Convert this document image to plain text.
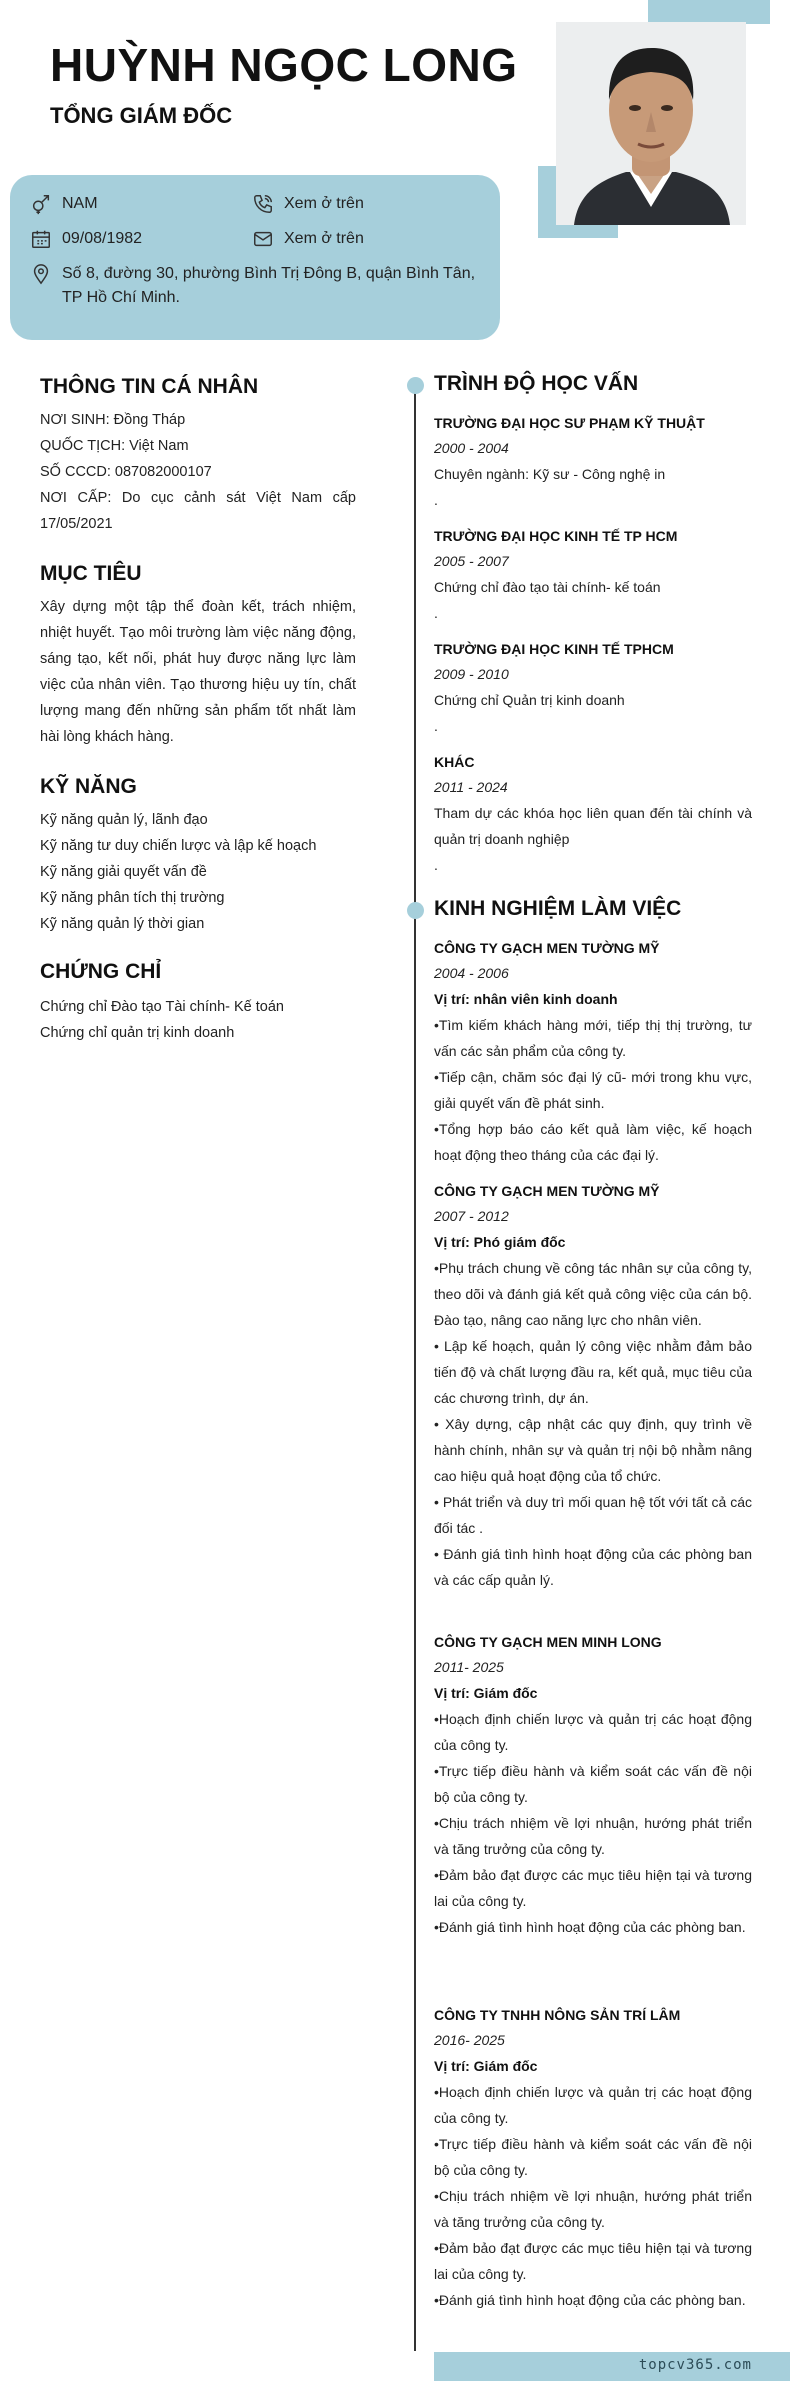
HUỲNH NGỌC LONG
TỔNG GIÁM ĐỐC
NAM
09/08/1982
Số 8, đường 30, phường Bình Trị Đông B, quận Bình Tân, TP Hồ Chí Minh.
Xem ở trên
Xem ở trên
THÔNG TIN CÁ NHÂN
NƠI SINH: Đồng Tháp
QUỐC TỊCH: Việt Nam
SỐ CCCD: 087082000107
NƠI CẤP: Do cục cảnh sát Việt Nam cấp 17/05/2021
MỤC TIÊU
Xây dựng một tập thể đoàn kết, trách nhiệm, nhiệt huyết. Tạo môi trường làm việc năng động, sáng tạo, kết nối, phát huy được năng lực làm việc của nhân viên. Tạo thương hiệu uy tín, chất lượng mang đến những sản phẩm tốt nhất làm hài lòng khách hàng.
KỸ NĂNG
Kỹ năng quản lý, lãnh đạo
Kỹ năng tư duy chiến lược và lập kế hoạch
Kỹ năng giải quyết vấn đề
Kỹ năng phân tích thị trường
Kỹ năng quản lý thời gian
CHỨNG CHỈ
Chứng chỉ Đào tạo Tài chính- Kế toán
Chứng chỉ quản trị kinh doanh
TRÌNH ĐỘ HỌC VẤN
TRƯỜNG ĐẠI HỌC SƯ PHẠM KỸ THUẬT
2000 - 2004
Chuyên ngành: Kỹ sư - Công nghệ in
.
TRƯỜNG ĐẠI HỌC KINH TẾ TP HCM
2005 - 2007
Chứng chỉ đào tạo tài chính- kế toán
.
TRƯỜNG ĐẠI HỌC KINH TẾ TPHCM
2009 - 2010
Chứng chỉ Quản trị kinh doanh
.
KHÁC
2011 - 2024
Tham dự các khóa học liên quan đến tài chính và quản trị doanh nghiệp
.
KINH NGHIỆM LÀM VIỆC
CÔNG TY GẠCH MEN TƯỜNG MỸ
2004 - 2006
Vị trí: nhân viên kinh doanh
•Tìm kiếm khách hàng mới, tiếp thị thị trường, tư vấn các sản phẩm của công ty.
•Tiếp cận, chăm sóc đại lý cũ- mới trong khu vực, giải quyết vấn đề phát sinh.
•Tổng hợp báo cáo kết quả làm việc, kế hoạch hoạt động theo tháng của các đại lý.
CÔNG TY GẠCH MEN TƯỜNG MỸ
2007 - 2012
Vị trí: Phó giám đốc
•Phụ trách chung về công tác nhân sự của công ty, theo dõi và đánh giá kết quả công việc của cán bộ. Đào tạo, nâng cao năng lực cho nhân viên.
• Lập kế hoạch, quản lý công việc nhằm đảm bảo tiến độ và chất lượng đầu ra, kết quả, mục tiêu của các chương trình, dự án.
• Xây dựng, cập nhật các quy định, quy trình về hành chính, nhân sự và quản trị nội bộ nhằm nâng cao hiệu quả hoạt động của tổ chức.
• Phát triển và duy trì mối quan hệ tốt với tất cả các đối tác .
• Đánh giá tình hình hoạt động của các phòng ban và các cấp quản lý.
CÔNG TY GẠCH MEN MINH LONG
2011- 2025
Vị trí: Giám đốc
•Hoạch định chiến lược và quản trị các hoạt động của công ty.
•Trực tiếp điều hành và kiểm soát các vấn đề nội bộ của công ty.
•Chịu trách nhiệm về lợi nhuận, hướng phát triển và tăng trưởng của công ty.
•Đảm bảo đạt được các mục tiêu hiện tại và tương lai của công ty.
•Đánh giá tình hình hoạt động của các phòng ban.
CÔNG TY TNHH NÔNG SẢN TRÍ LÂM
2016- 2025
Vị trí: Giám đốc
•Hoạch định chiến lược và quản trị các hoạt động của công ty.
•Trực tiếp điều hành và kiểm soát các vấn đề nội bộ của công ty.
•Chịu trách nhiệm về lợi nhuận, hướng phát triển và tăng trưởng của công ty.
•Đảm bảo đạt được các mục tiêu hiện tại và tương lai của công ty.
•Đánh giá tình hình hoạt động của các phòng ban.
topcv365.com
